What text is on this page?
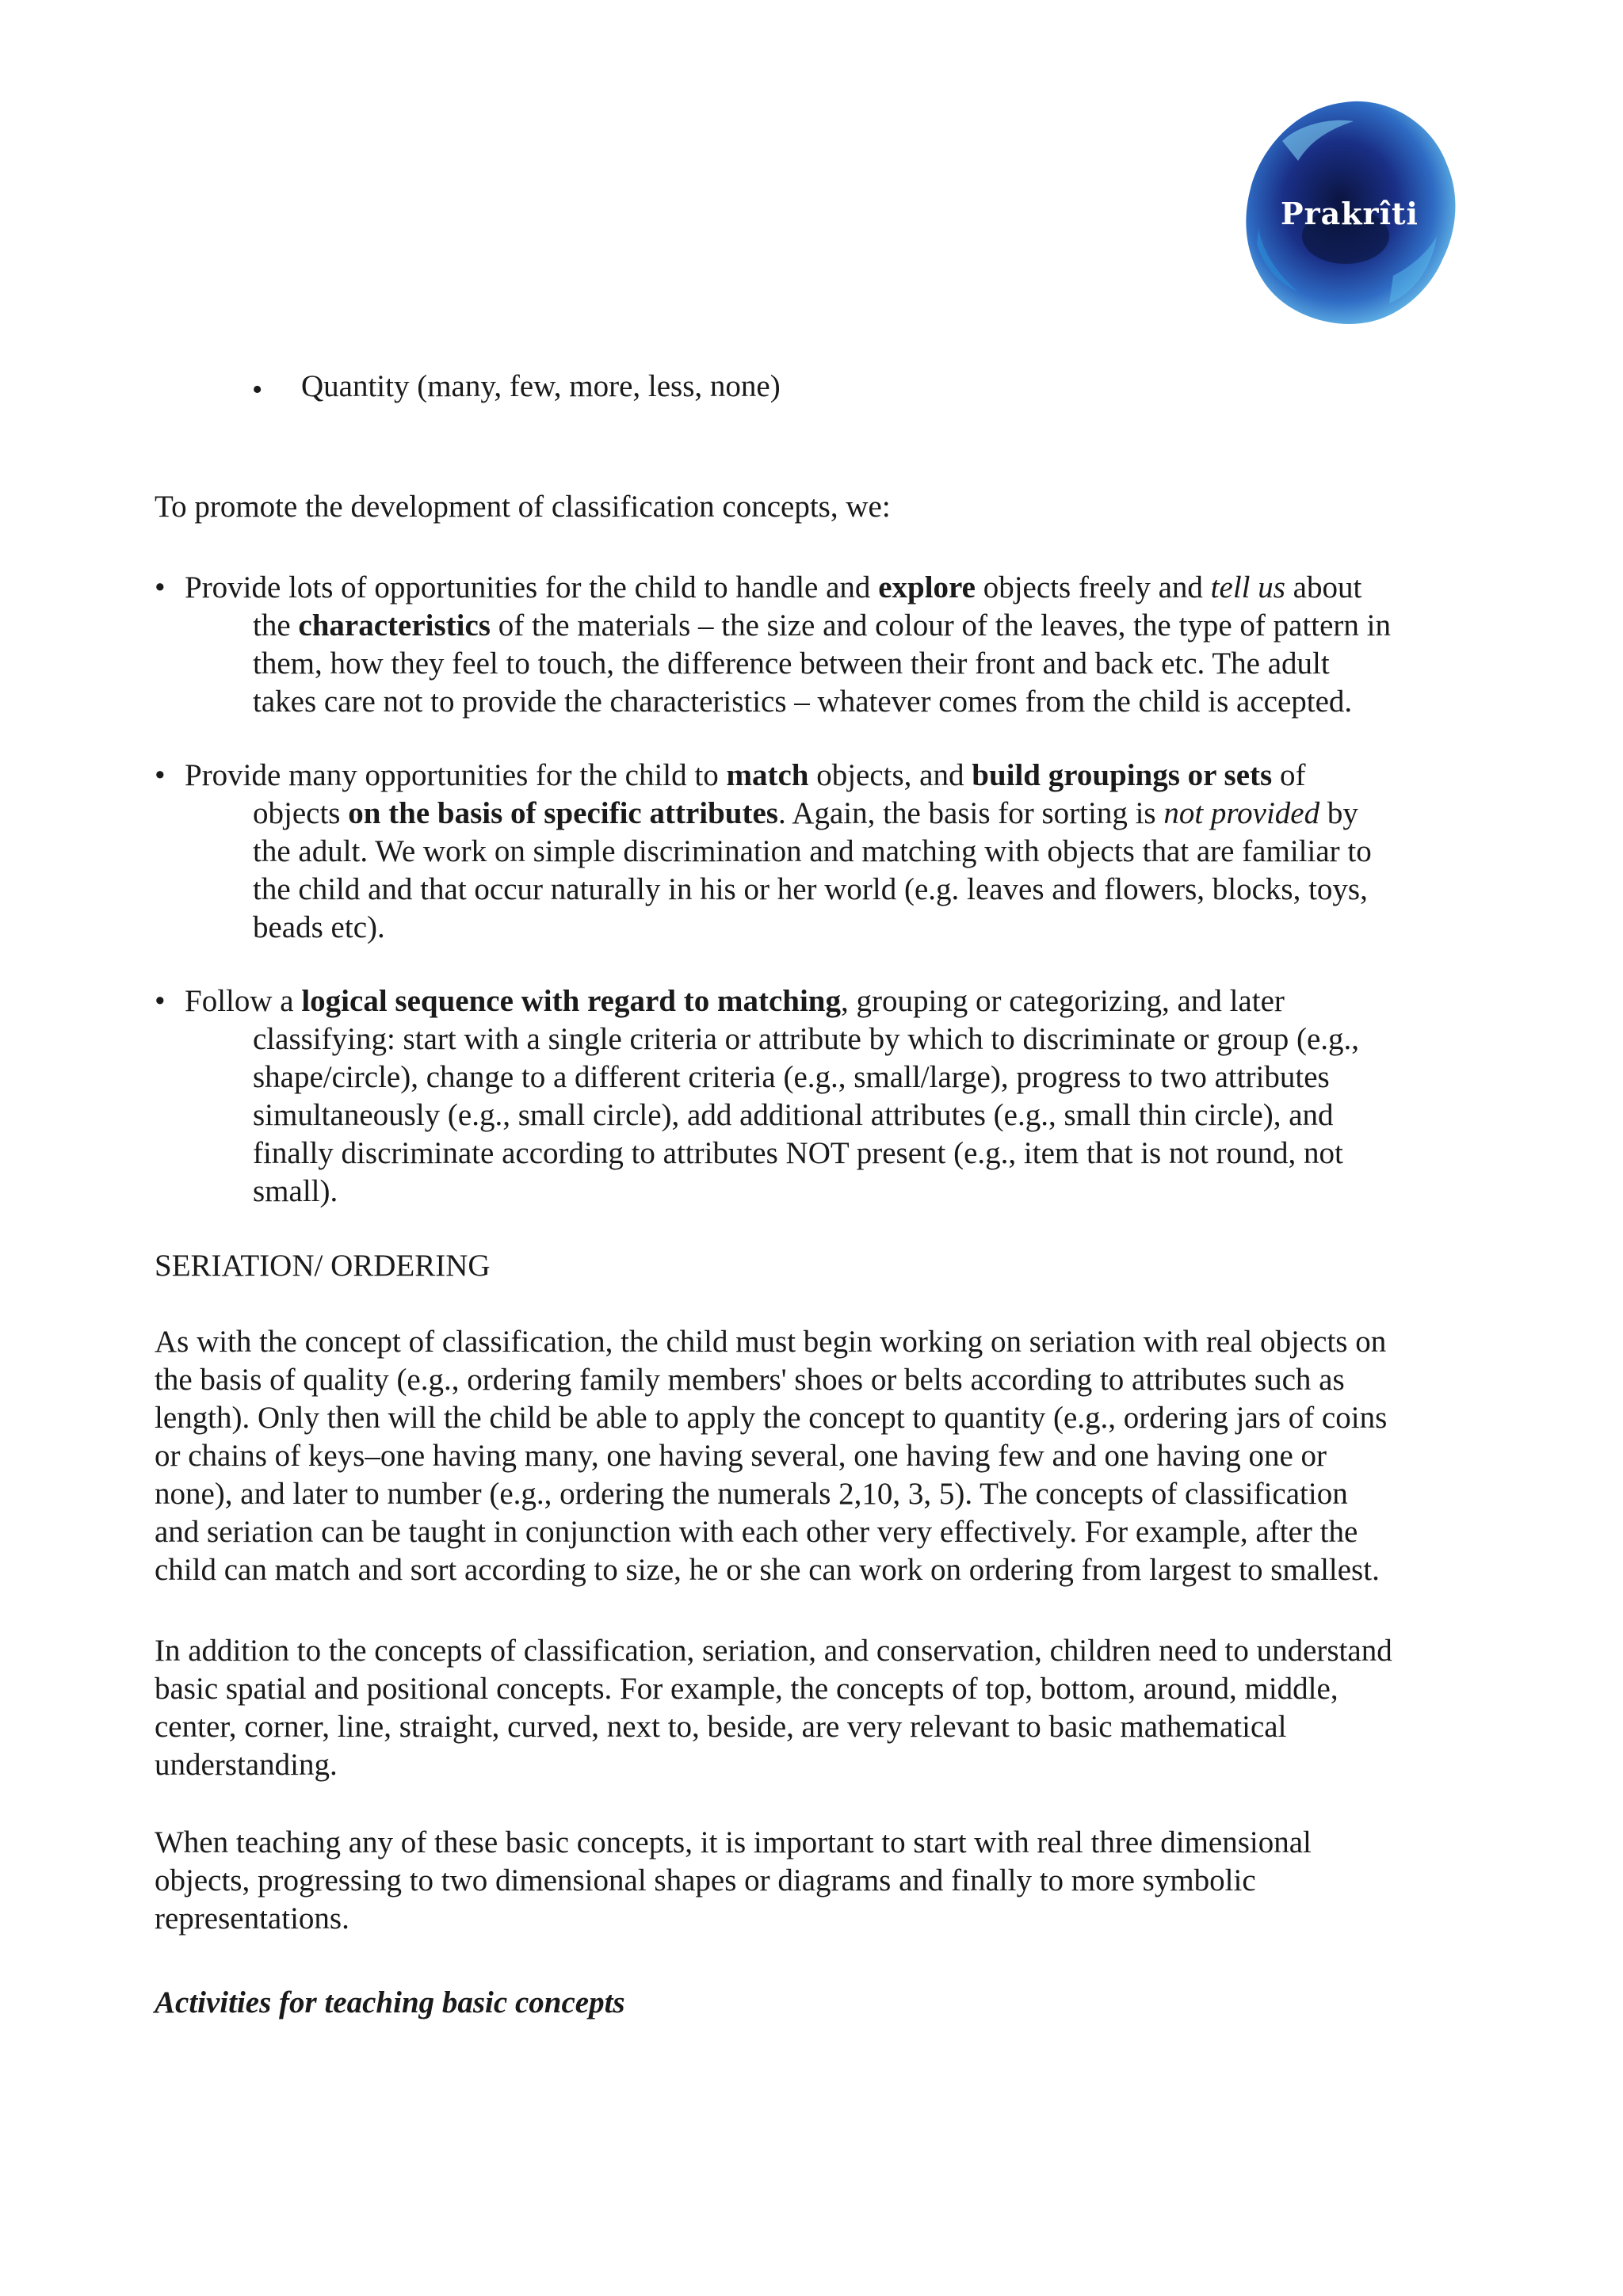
Prakrîti
•	Quantity (many, few, more, less, none)
To promote the development of classification concepts, we:
• Provide lots of opportunities for the child to handle and explore objects freely and tell us about

the characteristics of the materials – the size and colour of the leaves, the type of pattern in

them, how they feel to touch, the difference between their front and back etc. The adult

takes care not to provide the characteristics – whatever comes from the child is accepted.

• Provide many opportunities for the child to match objects, and build groupings or sets of

objects on the basis of specific attributes. Again, the basis for sorting is not provided by

the adult. We work on simple discrimination and matching with objects that are familiar to

the child and that occur naturally in his or her world (e.g. leaves and flowers, blocks, toys,

beads etc).

• Follow a logical sequence with regard to matching, grouping or categorizing, and later

classifying: start with a single criteria or attribute by which to discriminate or group (e.g.,

shape/circle), change to a different criteria (e.g., small/large), progress to two attributes

simultaneously (e.g., small circle), add additional attributes (e.g., small thin circle), and

finally discriminate according to attributes NOT present (e.g., item that is not round, not

small).

SERIATION/ ORDERING

As with the concept of classification, the child must begin working on seriation with real objects on

the basis of quality (e.g., ordering family members' shoes or belts according to attributes such as

length). Only then will the child be able to apply the concept to quantity (e.g., ordering jars of coins

or chains of keys–one having many, one having several, one having few and one having one or

none), and later to number (e.g., ordering the numerals 2,10, 3, 5). The concepts of classification

and seriation can be taught in conjunction with each other very effectively. For example, after the

child can match and sort according to size, he or she can work on ordering from largest to smallest.

In addition to the concepts of classification, seriation, and conservation, children need to understand

basic spatial and positional concepts. For example, the concepts of top, bottom, around, middle,

center, corner, line, straight, curved, next to, beside, are very relevant to basic mathematical

understanding.

When teaching any of these basic concepts, it is important to start with real three dimensional

objects, progressing to two dimensional shapes or diagrams and finally to more symbolic

representations.

Activities for teaching basic concepts
